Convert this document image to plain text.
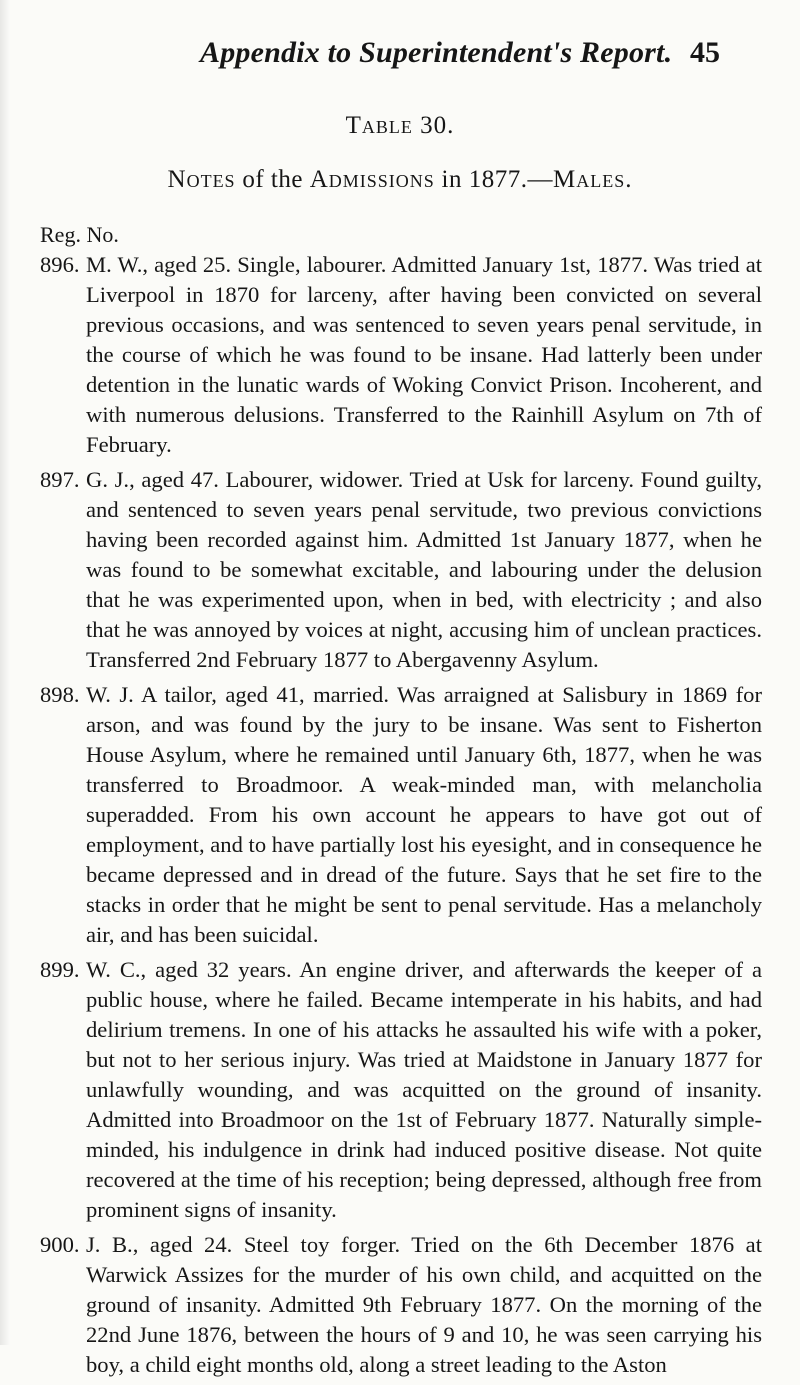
Appendix to Superintendent's Report. 45
Table 30.
Notes of the Admissions in 1877.—Males.
Reg. No.
896. M. W., aged 25. Single, labourer. Admitted January 1st, 1877. Was tried at Liverpool in 1870 for larceny, after having been convicted on several previous occasions, and was sentenced to seven years penal servitude, in the course of which he was found to be insane. Had latterly been under detention in the lunatic wards of Woking Convict Prison. Incoherent, and with numerous delusions. Transferred to the Rainhill Asylum on 7th of February.
897. G. J., aged 47. Labourer, widower. Tried at Usk for larceny. Found guilty, and sentenced to seven years penal servitude, two previous convictions having been recorded against him. Admitted 1st January 1877, when he was found to be somewhat excitable, and labouring under the delusion that he was experimented upon, when in bed, with electricity ; and also that he was annoyed by voices at night, accusing him of unclean practices. Transferred 2nd February 1877 to Abergavenny Asylum.
898. W. J. A tailor, aged 41, married. Was arraigned at Salisbury in 1869 for arson, and was found by the jury to be insane. Was sent to Fisherton House Asylum, where he remained until January 6th, 1877, when he was transferred to Broadmoor. A weak-minded man, with melancholia superadded. From his own account he appears to have got out of employment, and to have partially lost his eyesight, and in consequence he became depressed and in dread of the future. Says that he set fire to the stacks in order that he might be sent to penal servitude. Has a melancholy air, and has been suicidal.
899. W. C., aged 32 years. An engine driver, and afterwards the keeper of a public house, where he failed. Became intemperate in his habits, and had delirium tremens. In one of his attacks he assaulted his wife with a poker, but not to her serious injury. Was tried at Maidstone in January 1877 for unlawfully wounding, and was acquitted on the ground of insanity. Admitted into Broadmoor on the 1st of February 1877. Naturally simple-minded, his indulgence in drink had induced positive disease. Not quite recovered at the time of his reception; being depressed, although free from prominent signs of insanity.
900. J. B., aged 24. Steel toy forger. Tried on the 6th December 1876 at Warwick Assizes for the murder of his own child, and acquitted on the ground of insanity. Admitted 9th February 1877. On the morning of the 22nd June 1876, between the hours of 9 and 10, he was seen carrying his boy, a child eight months old, along a street leading to the Aston
